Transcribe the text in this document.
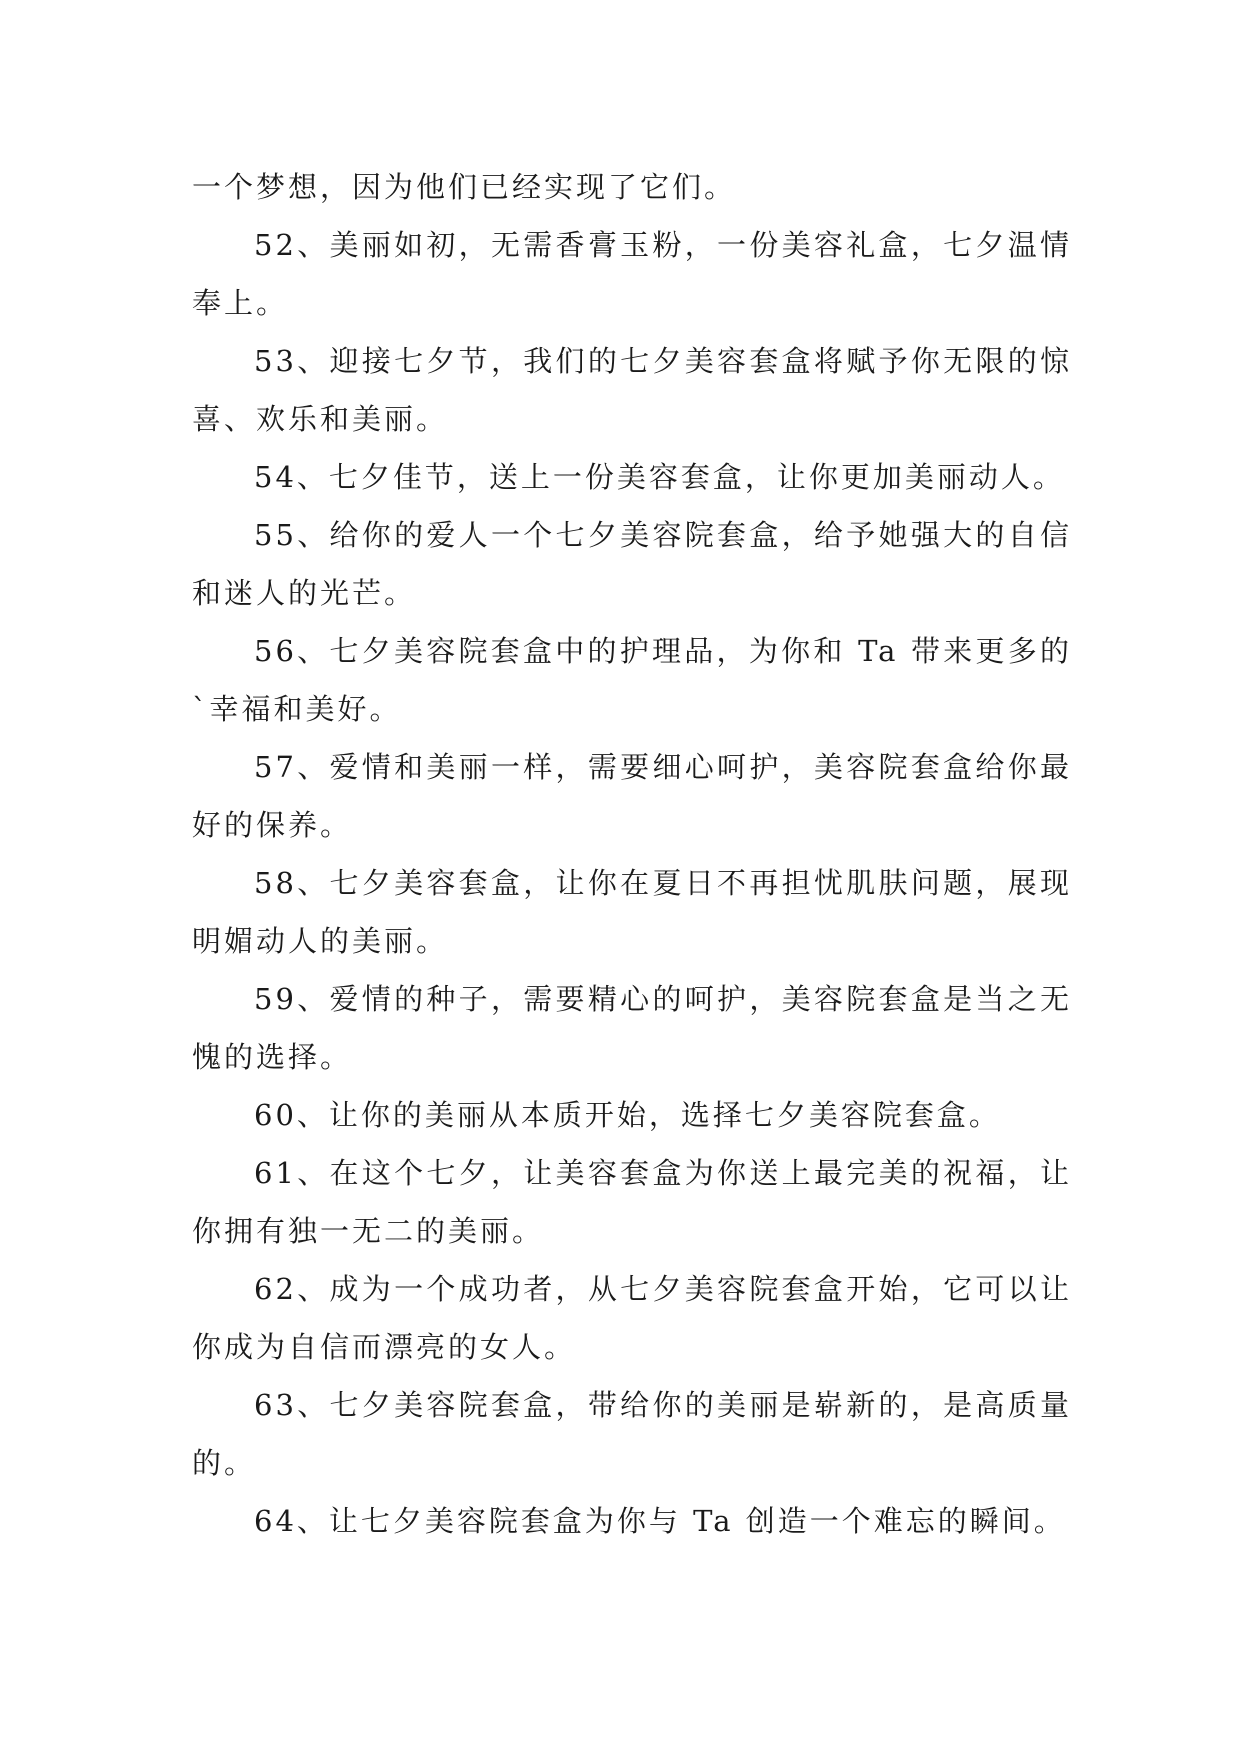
一个梦想，因为他们已经实现了它们。

52、美丽如初，无需香膏玉粉，一份美容礼盒，七夕温情奉上。

53、迎接七夕节，我们的七夕美容套盒将赋予你无限的惊喜、欢乐和美丽。

54、七夕佳节，送上一份美容套盒，让你更加美丽动人。

55、给你的爱人一个七夕美容院套盒，给予她强大的自信和迷人的光芒。

56、七夕美容院套盒中的护理品，为你和 Ta 带来更多的`幸福和美好。

57、爱情和美丽一样，需要细心呵护，美容院套盒给你最好的保养。

58、七夕美容套盒，让你在夏日不再担忧肌肤问题，展现明媚动人的美丽。

59、爱情的种子，需要精心的呵护，美容院套盒是当之无愧的选择。

60、让你的美丽从本质开始，选择七夕美容院套盒。

61、在这个七夕，让美容套盒为你送上最完美的祝福，让你拥有独一无二的美丽。

62、成为一个成功者，从七夕美容院套盒开始，它可以让你成为自信而漂亮的女人。

63、七夕美容院套盒，带给你的美丽是崭新的，是高质量的。

64、让七夕美容院套盒为你与 Ta 创造一个难忘的瞬间。
